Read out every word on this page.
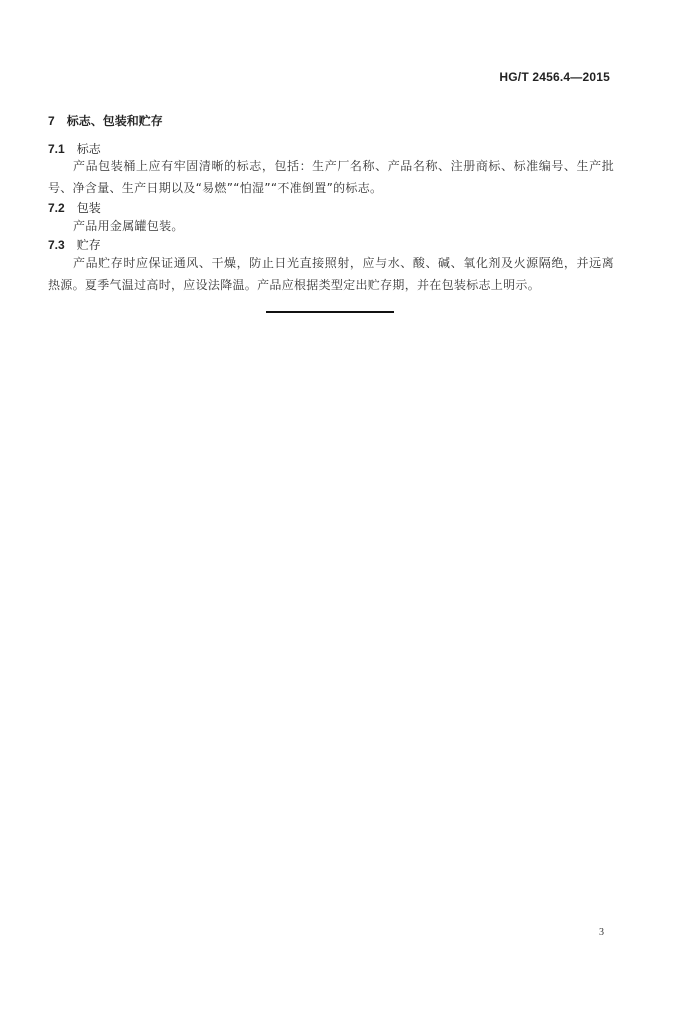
HG/T 2456.4—2015
7 标志、包装和贮存
7.1 标志
产品包装桶上应有牢固清晰的标志，包括：生产厂名称、产品名称、注册商标、标准编号、生产批号、净含量、生产日期以及“易燃”“怕湿”“不准倒置”的标志。
7.2 包装
产品用金属罐包装。
7.3 贮存
产品贮存时应保证通风、干燥，防止日光直接照射，应与水、酸、碱、氧化剂及火源隔绝，并远离热源。夏季气温过高时，应设法降温。产品应根据类型定出贮存期，并在包装标志上明示。
3
